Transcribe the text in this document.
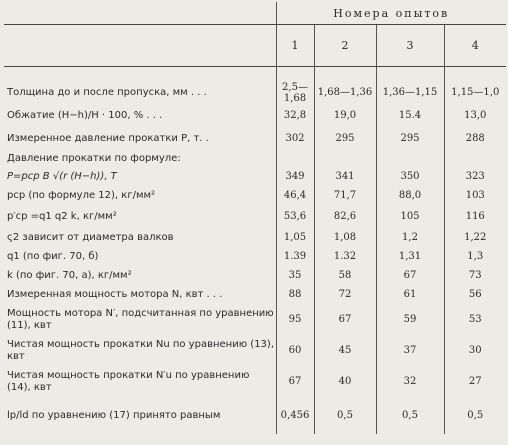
	Номера опытов			
	1	2	3	4

Толщина до и после пропуска, мм . . .	2,5—1,68	1,68—1,36	1,36—1,15	1,15—1,0
Обжатие (H−h)/H · 100, % . . .	32,8	19,0	15.4	13,0
Измеренное давление прокатки P, т. .	302	295	295	288
Давление прокатки по формуле:				
P=pср B √(r (H−h)), T	349	341	350	323
pср (по формуле 12), кг/мм²	46,4	71,7	88,0	103
p′ср =q1 q2 k, кг/мм²	53,6	82,6	105	116
ς2 зависит от диаметра валков	1,05	1,08	1,2	1,22
q1 (по фиг. 70, б)	1.39	1.32	1,31	1,3
k (по фиг. 70, а), кг/мм²	35	58	67	73
Измеренная мощность мотора N, квт . . .	88	72	61	56
Мощность мотора N′, подсчитанная по уравнению (11), квт	95	67	59	53
Чистая мощность прокатки Nu по уравнению (13), квт	60	45	37	30
Чистая мощность прокатки N′u по уравнению (14), квт	67	40	32	27
lp/ld по уравнению (17) принято равным	0,456	0,5	0,5	0,5
